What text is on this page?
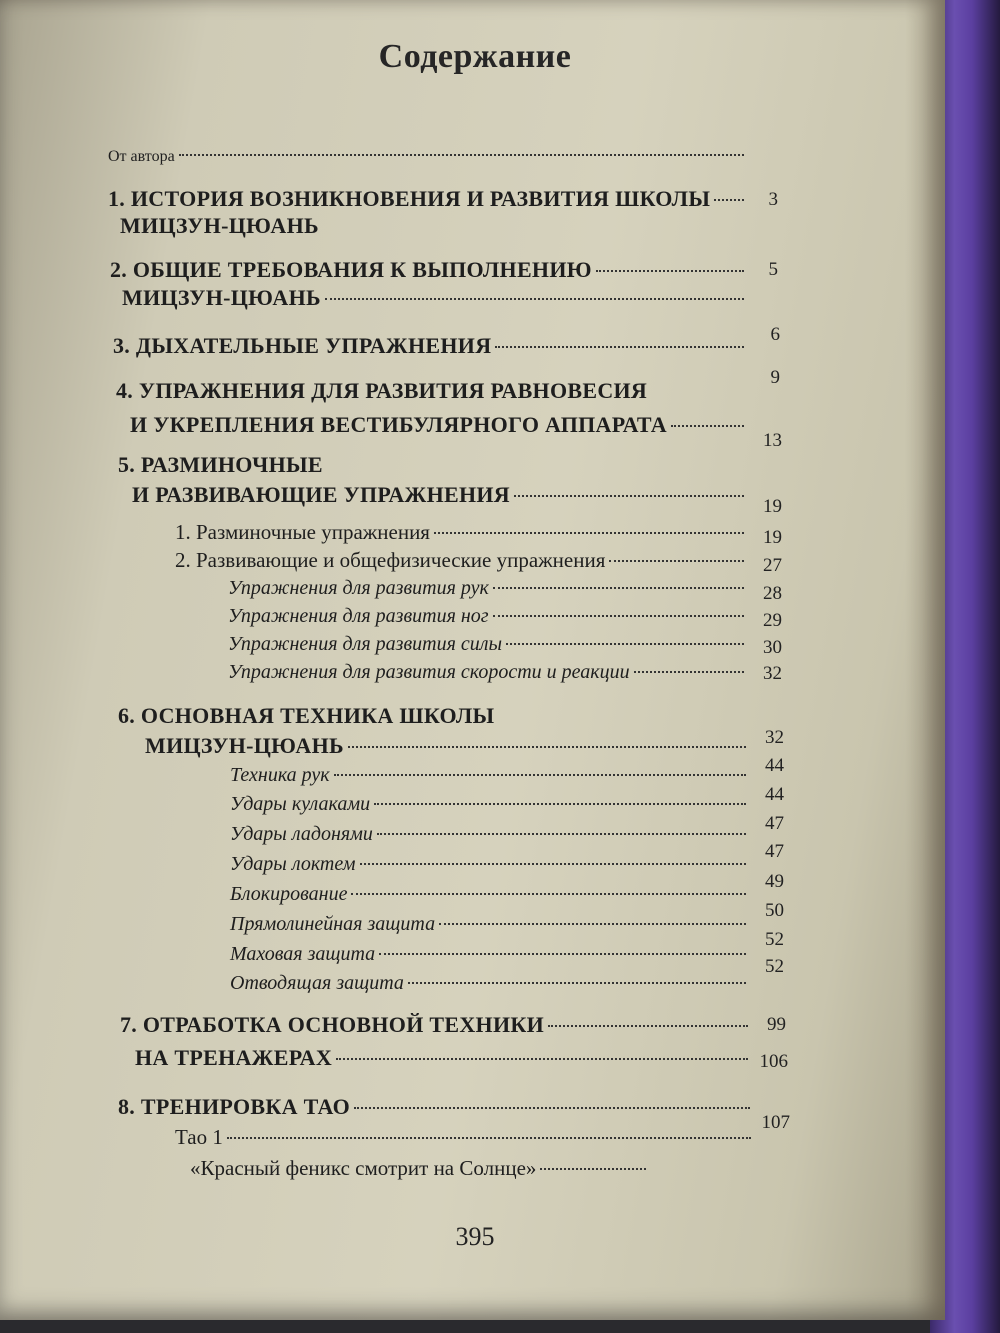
Содержание
От автора
1. ИСТОРИЯ ВОЗНИКНОВЕНИЯ И РАЗВИТИЯ ШКОЛЫ
МИЦЗУН-ЦЮАНЬ
2. ОБЩИЕ ТРЕБОВАНИЯ К ВЫПОЛНЕНИЮ
МИЦЗУН-ЦЮАНЬ
3. ДЫХАТЕЛЬНЫЕ УПРАЖНЕНИЯ
4. УПРАЖНЕНИЯ ДЛЯ РАЗВИТИЯ РАВНОВЕСИЯ
И УКРЕПЛЕНИЯ ВЕСТИБУЛЯРНОГО АППАРАТА
5. РАЗМИНОЧНЫЕ
И РАЗВИВАЮЩИЕ УПРАЖНЕНИЯ
1. Разминочные упражнения
2. Развивающие и общефизические упражнения
Упражнения для развития рук
Упражнения для развития ног
Упражнения для развития силы
Упражнения для развития скорости и реакции
6. ОСНОВНАЯ ТЕХНИКА ШКОЛЫ
МИЦЗУН-ЦЮАНЬ
Техника рук
Удары кулаками
Удары ладонями
Удары локтем
Блокирование
Прямолинейная защита
Маховая защита
Отводящая защита
7. ОТРАБОТКА ОСНОВНОЙ ТЕХНИКИ
НА ТРЕНАЖЕРАХ
8. ТРЕНИРОВКА ТАО
Тао 1
«Красный феникс смотрит на Солнце»
3
5
6
9
13
19
19
27
28
29
30
32
32
44
44
47
47
49
50
52
52
99
106
107
395
